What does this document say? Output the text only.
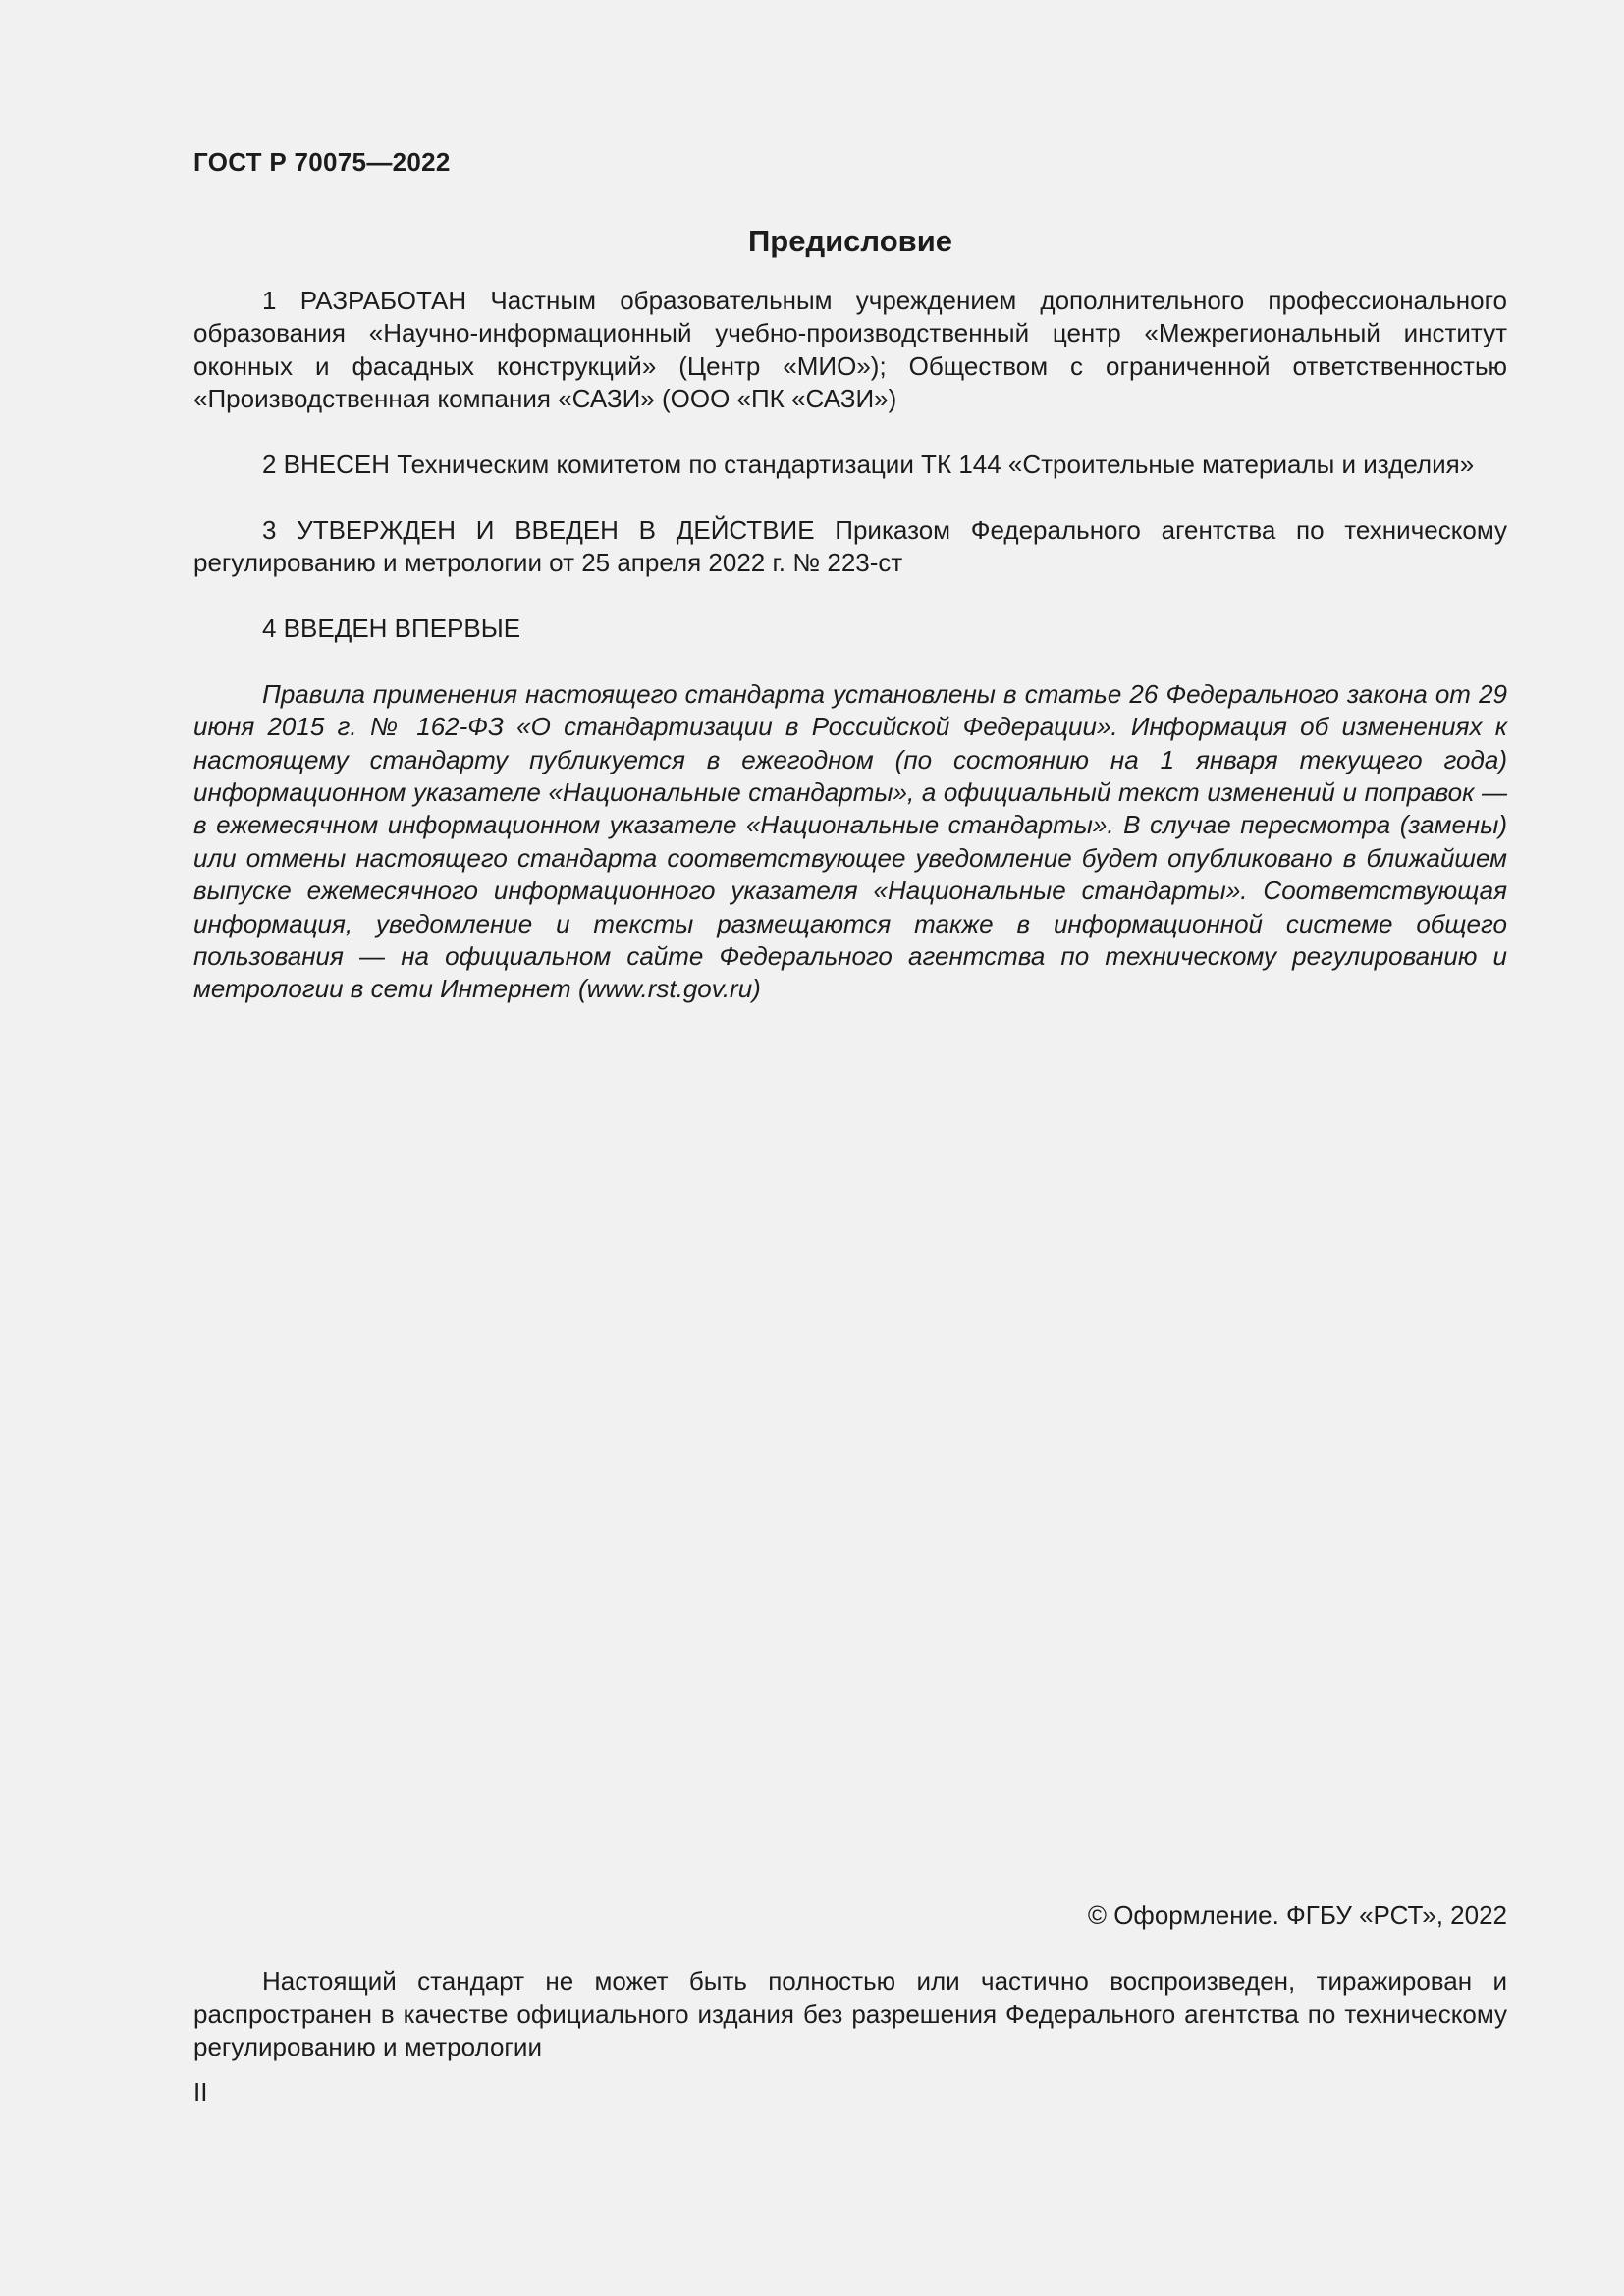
ГОСТ Р 70075—2022
Предисловие

1 РАЗРАБОТАН Частным образовательным учреждением дополнительного профессионального образования «Научно-информационный учебно-производственный центр «Межрегиональный институт оконных и фасадных конструкций» (Центр «МИО»); Обществом с ограниченной ответственностью «Производственная компания «САЗИ» (ООО «ПК «САЗИ»)

2 ВНЕСЕН Техническим комитетом по стандартизации ТК 144 «Строительные материалы и изделия»

3 УТВЕРЖДЕН И ВВЕДЕН В ДЕЙСТВИЕ Приказом Федерального агентства по техническому регулированию и метрологии от 25 апреля 2022 г. № 223-ст

4 ВВЕДЕН ВПЕРВЫЕ

Правила применения настоящего стандарта установлены в статье 26 Федерального закона от 29 июня 2015 г. № 162-ФЗ «О стандартизации в Российской Федерации». Информация об изменениях к настоящему стандарту публикуется в ежегодном (по состоянию на 1 января текущего года) информационном указателе «Национальные стандарты», а официальный текст изменений и поправок — в ежемесячном информационном указателе «Национальные стандарты». В случае пересмотра (замены) или отмены настоящего стандарта соответствующее уведомление будет опубликовано в ближайшем выпуске ежемесячного информационного указателя «Национальные стандарты». Соответствующая информация, уведомление и тексты размещаются также в информационной системе общего пользования — на официальном сайте Федерального агентства по техническому регулированию и метрологии в сети Интернет (www.rst.gov.ru)

© Оформление. ФГБУ «РСТ», 2022

Настоящий стандарт не может быть полностью или частично воспроизведен, тиражирован и распространен в качестве официального издания без разрешения Федерального агентства по техническому регулированию и метрологии

II
